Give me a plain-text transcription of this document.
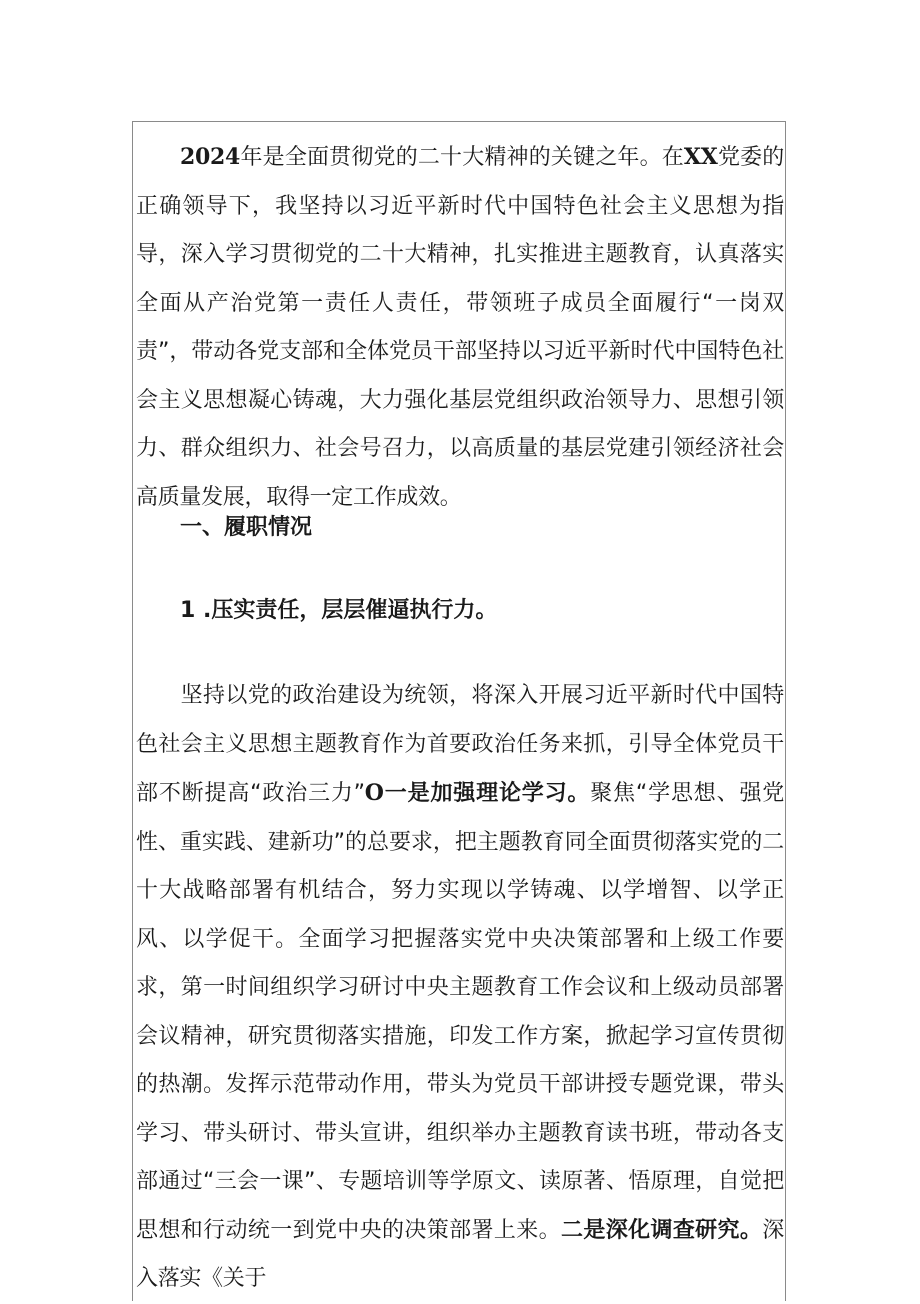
2024年是全面贯彻党的二十大精神的关键之年。在XX党委的正确领导下，我坚持以习近平新时代中国特色社会主义思想为指导，深入学习贯彻党的二十大精神，扎实推进主题教育，认真落实全面从产治党第一责任人责任，带领班子成员全面履行“一岗双责”，带动各党支部和全体党员干部坚持以习近平新时代中国特色社会主义思想凝心铸魂，大力强化基层党组织政治领导力、思想引领力、群众组织力、社会号召力，以高质量的基层党建引领经济社会高质量发展，取得一定工作成效。

一、履职情况
1 .压实责任，层层催逼执行力。

坚持以党的政治建设为统领，将深入开展习近平新时代中国特色社会主义思想主题教育作为首要政治任务来抓，引导全体党员干部不断提高“政治三力”O一是加强理论学习。聚焦“学思想、强党性、重实践、建新功”的总要求，把主题教育同全面贯彻落实党的二十大战略部署有机结合，努力实现以学铸魂、以学增智、以学正风、以学促干。全面学习把握落实党中央决策部署和上级工作要求，第一时间组织学习研讨中央主题教育工作会议和上级动员部署会议精神，研究贯彻落实措施，印发工作方案，掀起学习宣传贯彻的热潮。发挥示范带动作用，带头为党员干部讲授专题党课，带头学习、带头研讨、带头宣讲，组织举办主题教育读书班，带动各支部通过“三会一课”、专题培训等学原文、读原著、悟原理，自觉把思想和行动统一到党中央的决策部署上来。二是深化调查研究。深入落实《关于
